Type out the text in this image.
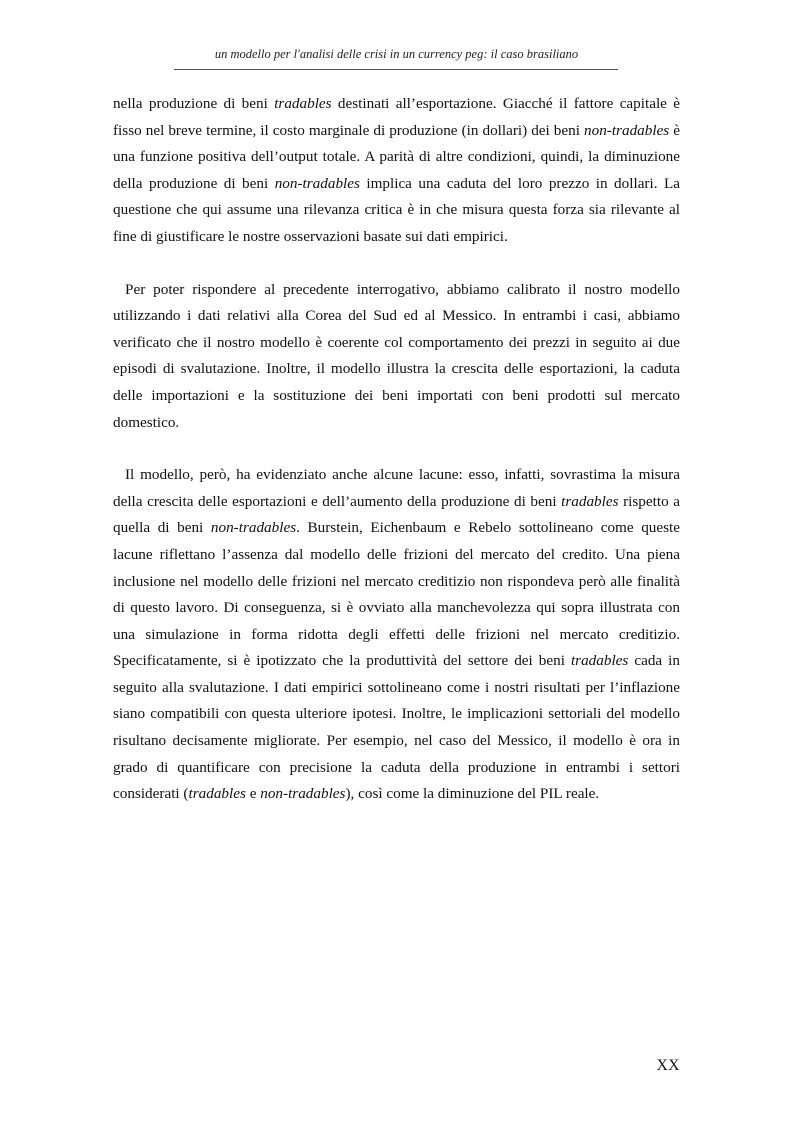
un modello per l'analisi delle crisi in un currency peg: il caso brasiliano

nella produzione di beni tradables destinati all’esportazione. Giacché il fattore capitale è fisso nel breve termine, il costo marginale di produzione (in dollari) dei beni non-tradables è una funzione positiva dell’output totale. A parità di altre condizioni, quindi, la diminuzione della produzione di beni non-tradables implica una caduta del loro prezzo in dollari. La questione che qui assume una rilevanza critica è in che misura questa forza sia rilevante al fine di giustificare le nostre osservazioni basate sui dati empirici.

Per poter rispondere al precedente interrogativo, abbiamo calibrato il nostro modello utilizzando i dati relativi alla Corea del Sud ed al Messico. In entrambi i casi, abbiamo verificato che il nostro modello è coerente col comportamento dei prezzi in seguito ai due episodi di svalutazione. Inoltre, il modello illustra la crescita delle esportazioni, la caduta delle importazioni e la sostituzione dei beni importati con beni prodotti sul mercato domestico.

Il modello, però, ha evidenziato anche alcune lacune: esso, infatti, sovrastima la misura della crescita delle esportazioni e dell’aumento della produzione di beni tradables rispetto a quella di beni non-tradables. Burstein, Eichenbaum e Rebelo sottolineano come queste lacune riflettano l’assenza dal modello delle frizioni del mercato del credito. Una piena inclusione nel modello delle frizioni nel mercato creditizio non rispondeva però alle finalità di questo lavoro. Di conseguenza, si è ovviato alla manchevolezza qui sopra illustrata con una simulazione in forma ridotta degli effetti delle frizioni nel mercato creditizio. Specificatamente, si è ipotizzato che la produttività del settore dei beni tradables cada in seguito alla svalutazione. I dati empirici sottolineano come i nostri risultati per l’inflazione siano compatibili con questa ulteriore ipotesi. Inoltre, le implicazioni settoriali del modello risultano decisamente migliorate. Per esempio, nel caso del Messico, il modello è ora in grado di quantificare con precisione la caduta della produzione in entrambi i settori considerati (tradables e non-tradables), così come la diminuzione del PIL reale.

XX
